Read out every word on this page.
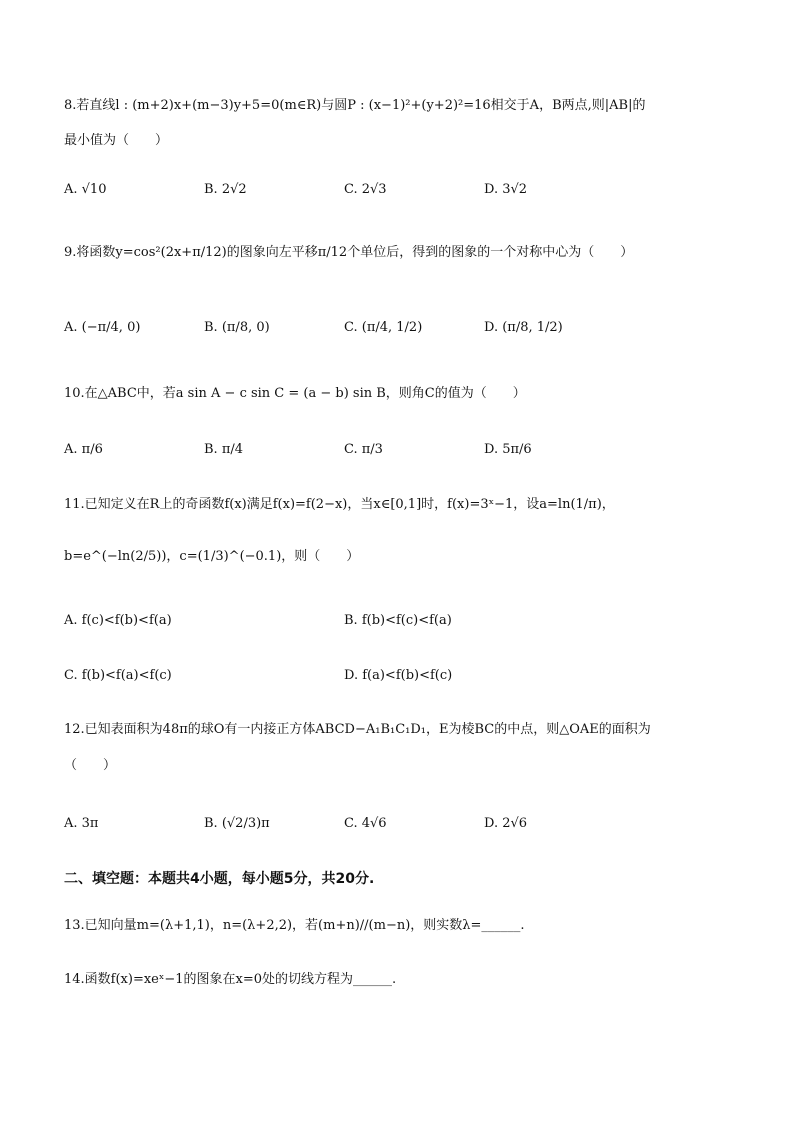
8.若直线l : (m+2)x+(m−3)y+5=0(m∈R)与圆P : (x−1)²+(y+2)²=16相交于A，B两点,则|AB|的
最小值为（　　）
A. √10	B. 2√2	C. 2√3	D. 3√2
9.将函数y=cos²(2x+π/12)的图象向左平移π/12个单位后，得到的图象的一个对称中心为（　　）
A. (−π/4, 0)	B. (π/8, 0)	C. (π/4, 1/2)	D. (π/8, 1/2)
10.在△ABC中，若a sin A − c sin C = (a − b) sin B，则角C的值为（　　）
A. π/6	B. π/4	C. π/3	D. 5π/6
11.已知定义在R上的奇函数f(x)满足f(x)=f(2−x)，当x∈[0,1]时，f(x)=3ˣ−1，设a=ln(1/π)，
b=e^(−ln(2/5))，c=(1/3)^(−0.1)，则（　　）
A. f(c)<f(b)<f(a)	B. f(b)<f(c)<f(a)
C. f(b)<f(a)<f(c)	D. f(a)<f(b)<f(c)
12.已知表面积为48π的球O有一内接正方体ABCD−A₁B₁C₁D₁，E为棱BC的中点，则△OAE的面积为
（　　）
A. 3π	B. (√2/3)π	C. 4√6	D. 2√6
二、填空题：本题共4小题，每小题5分，共20分.
13.已知向量m=(λ+1,1)，n=(λ+2,2)，若(m+n)//(m−n)，则实数λ=______.
14.函数f(x)=xeˣ−1的图象在x=0处的切线方程为______.
